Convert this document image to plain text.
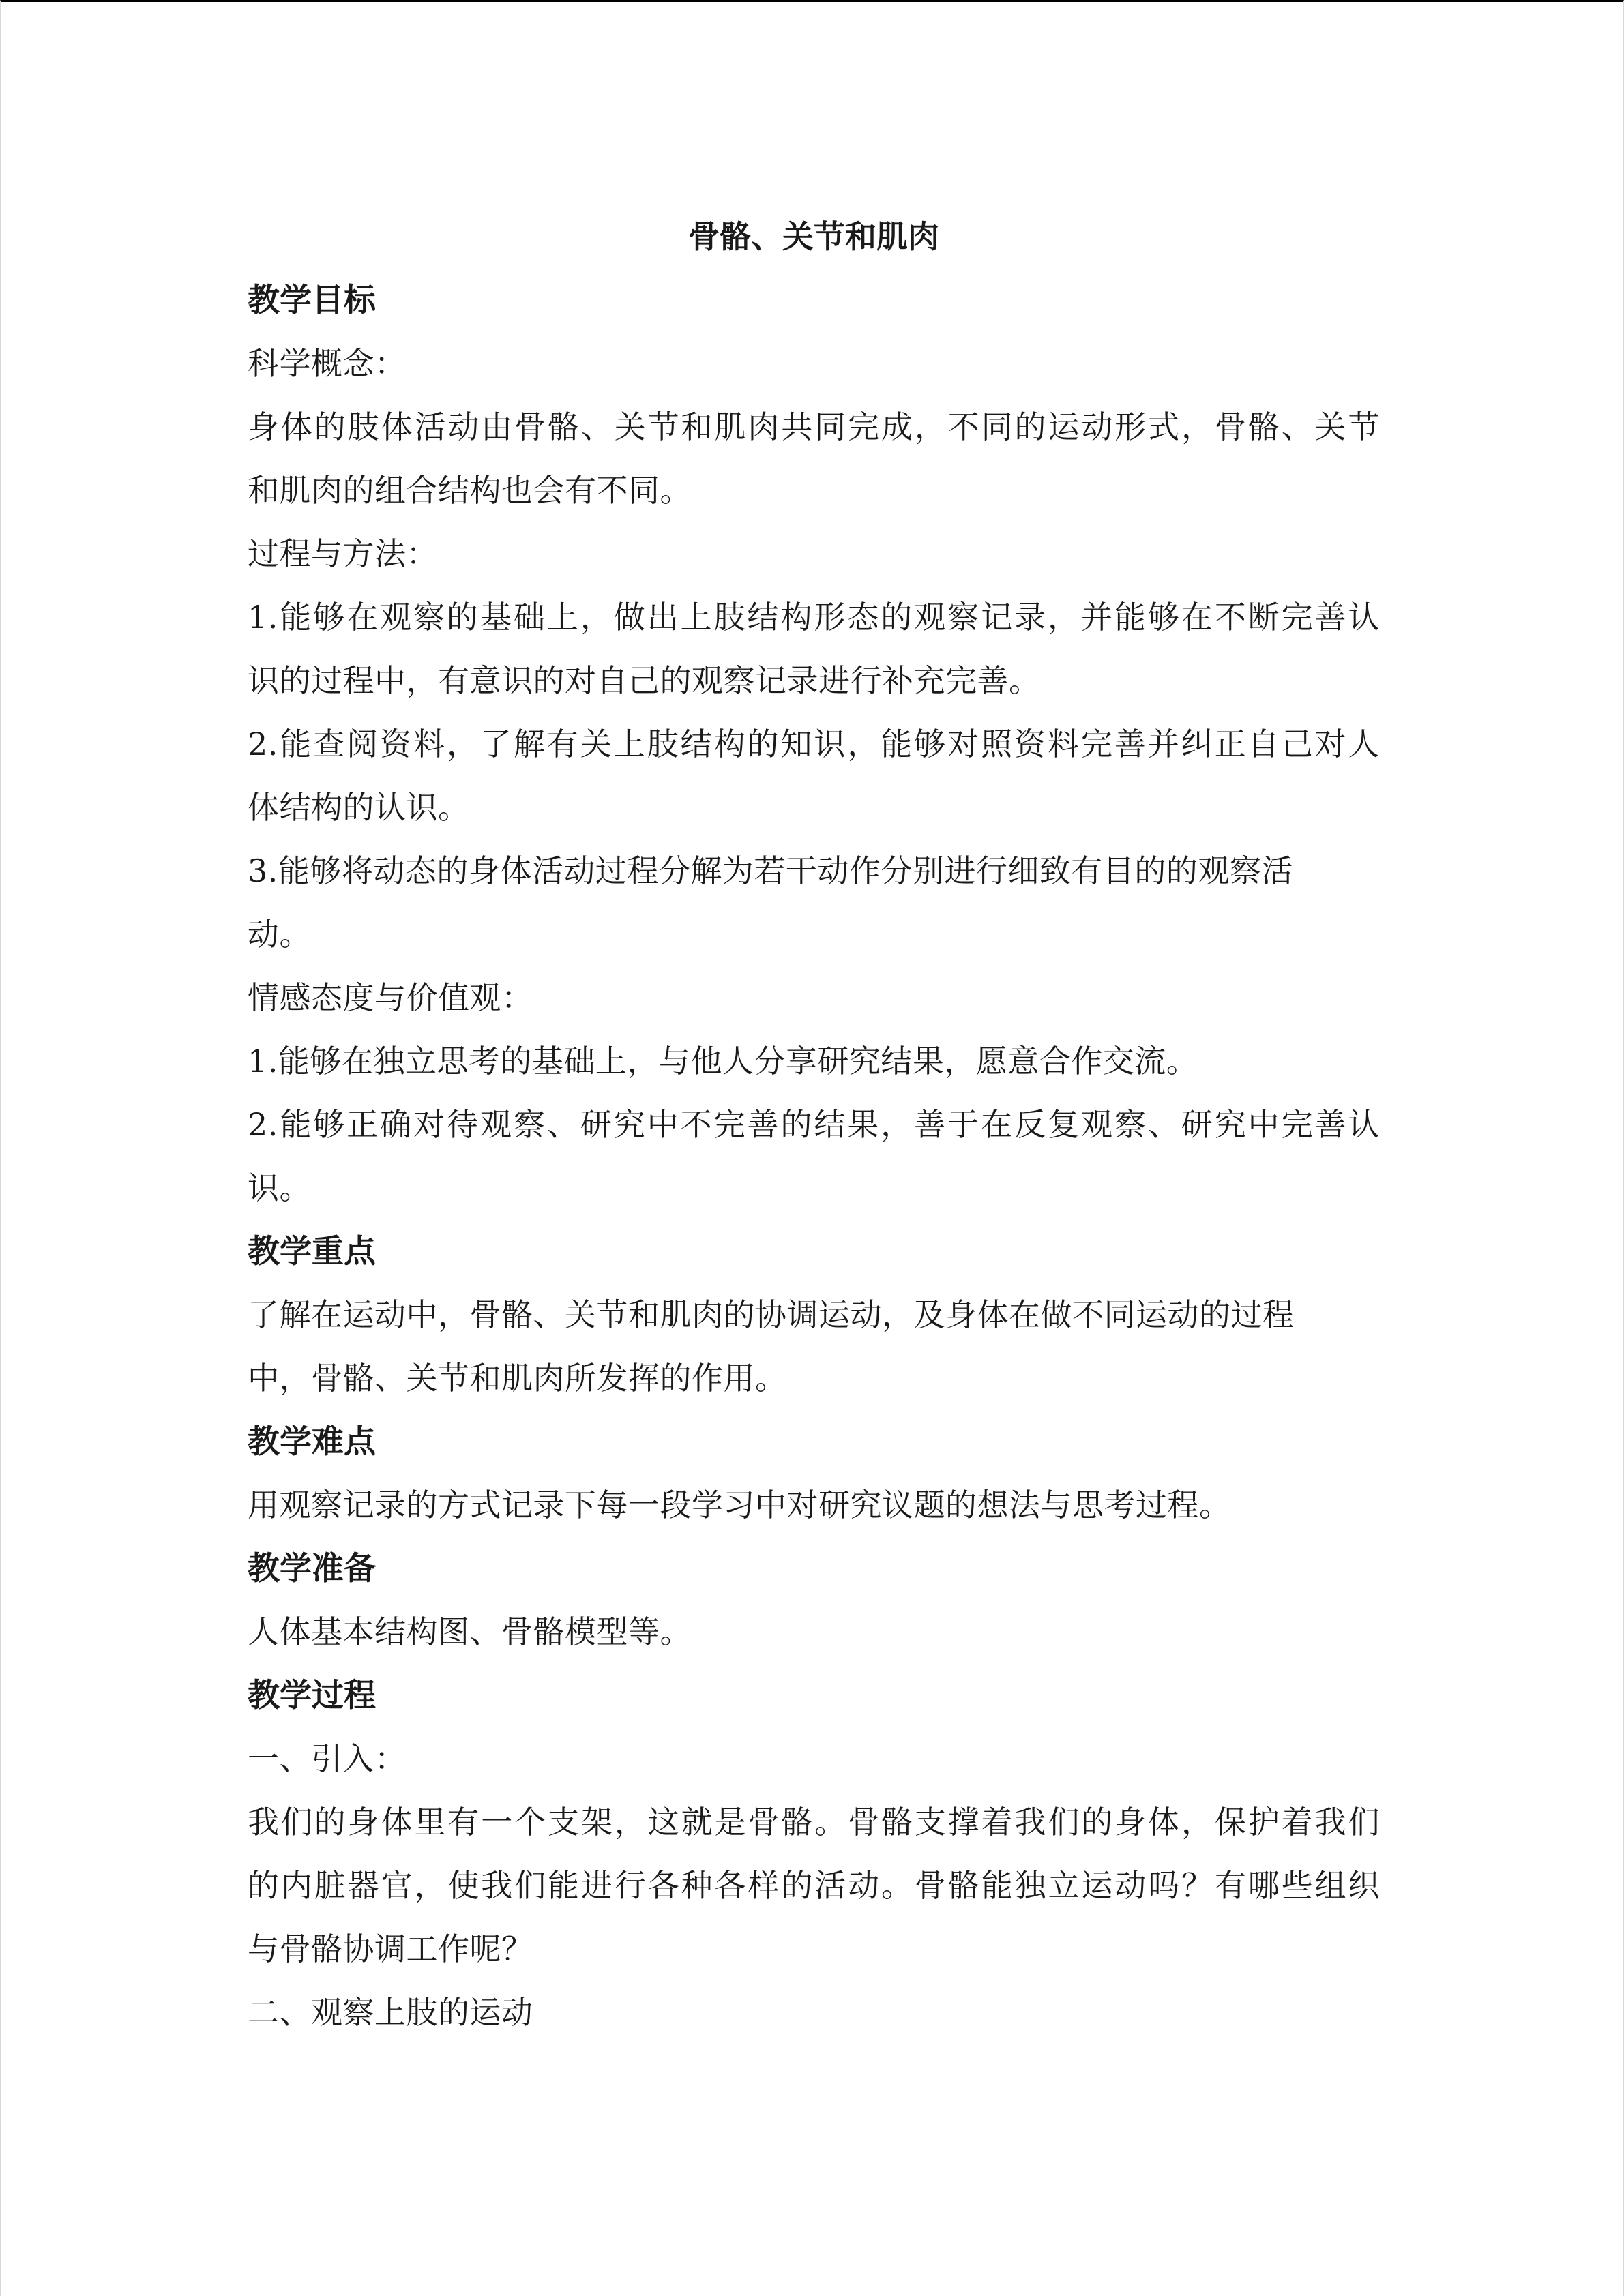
骨骼、关节和肌肉
教学目标
科学概念：
身体的肢体活动由骨骼、关节和肌肉共同完成，不同的运动形式，骨骼、关节
和肌肉的组合结构也会有不同。
过程与方法：
1.能够在观察的基础上，做出上肢结构形态的观察记录，并能够在不断完善认
识的过程中，有意识的对自己的观察记录进行补充完善。
2.能查阅资料，了解有关上肢结构的知识，能够对照资料完善并纠正自己对人
体结构的认识。
3.能够将动态的身体活动过程分解为若干动作分别进行细致有目的的观察活
动。
情感态度与价值观：
1.能够在独立思考的基础上，与他人分享研究结果，愿意合作交流。
2.能够正确对待观察、研究中不完善的结果，善于在反复观察、研究中完善认
识。
教学重点
了解在运动中，骨骼、关节和肌肉的协调运动，及身体在做不同运动的过程
中，骨骼、关节和肌肉所发挥的作用。
教学难点
用观察记录的方式记录下每一段学习中对研究议题的想法与思考过程。
教学准备
人体基本结构图、骨骼模型等。
教学过程
一、引入：
我们的身体里有一个支架，这就是骨骼。骨骼支撑着我们的身体，保护着我们
的内脏器官，使我们能进行各种各样的活动。骨骼能独立运动吗？有哪些组织
与骨骼协调工作呢？
二、观察上肢的运动
